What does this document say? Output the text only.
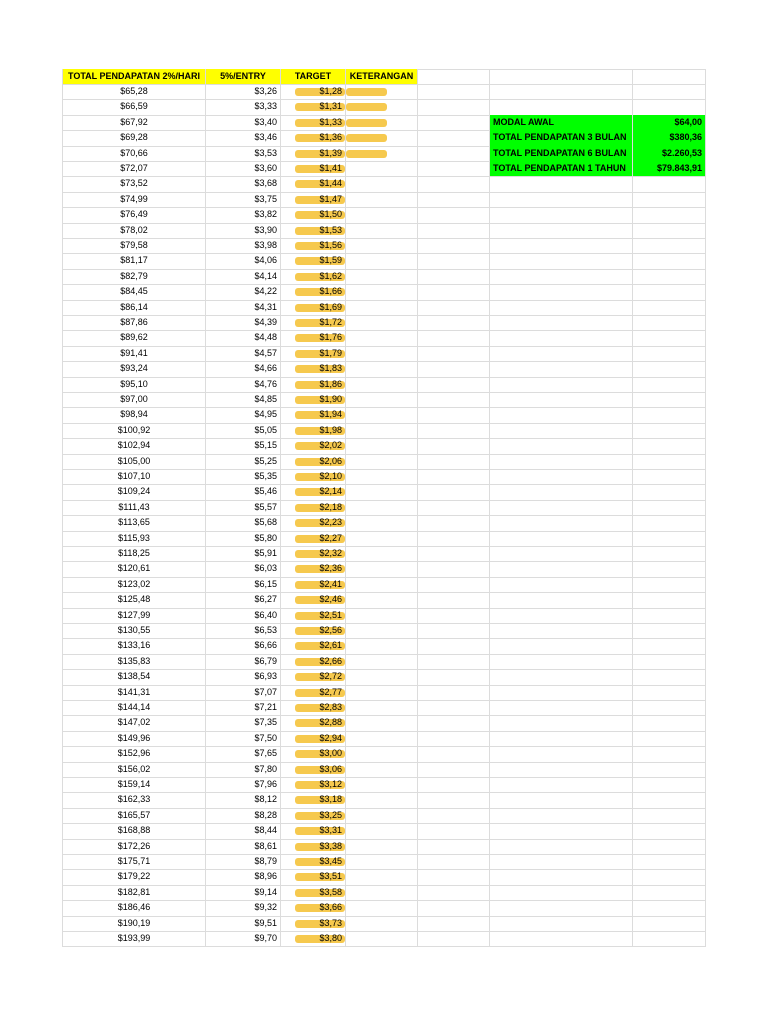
TOTAL PENDAPATAN 2%/HARI	5%/ENTRY	TARGET	KETERANGAN
$65,28	$3,26	$1,28
$66,59	$3,33	$1,31
$67,92	$3,40	$1,33
$69,28	$3,46	$1,36
$70,66	$3,53	$1,39
$72,07	$3,60	$1,41
$73,52	$3,68	$1,44
$74,99	$3,75	$1,47
$76,49	$3,82	$1,50
$78,02	$3,90	$1,53
$79,58	$3,98	$1,56
$81,17	$4,06	$1,59
$82,79	$4,14	$1,62
$84,45	$4,22	$1,66
$86,14	$4,31	$1,69
$87,86	$4,39	$1,72
$89,62	$4,48	$1,76
$91,41	$4,57	$1,79
$93,24	$4,66	$1,83
$95,10	$4,76	$1,86
$97,00	$4,85	$1,90
$98,94	$4,95	$1,94
$100,92	$5,05	$1,98
$102,94	$5,15	$2,02
$105,00	$5,25	$2,06
$107,10	$5,35	$2,10
$109,24	$5,46	$2,14
$111,43	$5,57	$2,18
$113,65	$5,68	$2,23
$115,93	$5,80	$2,27
$118,25	$5,91	$2,32
$120,61	$6,03	$2,36
$123,02	$6,15	$2,41
$125,48	$6,27	$2,46
$127,99	$6,40	$2,51
$130,55	$6,53	$2,56
$133,16	$6,66	$2,61
$135,83	$6,79	$2,66
$138,54	$6,93	$2,72
$141,31	$7,07	$2,77
$144,14	$7,21	$2,83
$147,02	$7,35	$2,88
$149,96	$7,50	$2,94
$152,96	$7,65	$3,00
$156,02	$7,80	$3,06
$159,14	$7,96	$3,12
$162,33	$8,12	$3,18
$165,57	$8,28	$3,25
$168,88	$8,44	$3,31
$172,26	$8,61	$3,38
$175,71	$8,79	$3,45
$179,22	$8,96	$3,51
$182,81	$9,14	$3,58
$186,46	$9,32	$3,66
$190,19	$9,51	$3,73
$193,99	$9,70	$3,80
MODAL AWAL	$64,00
TOTAL PENDAPATAN 3 BULAN	$380,36
TOTAL PENDAPATAN 6 BULAN	$2.260,53
TOTAL PENDAPATAN 1 TAHUN	$79.843,91
